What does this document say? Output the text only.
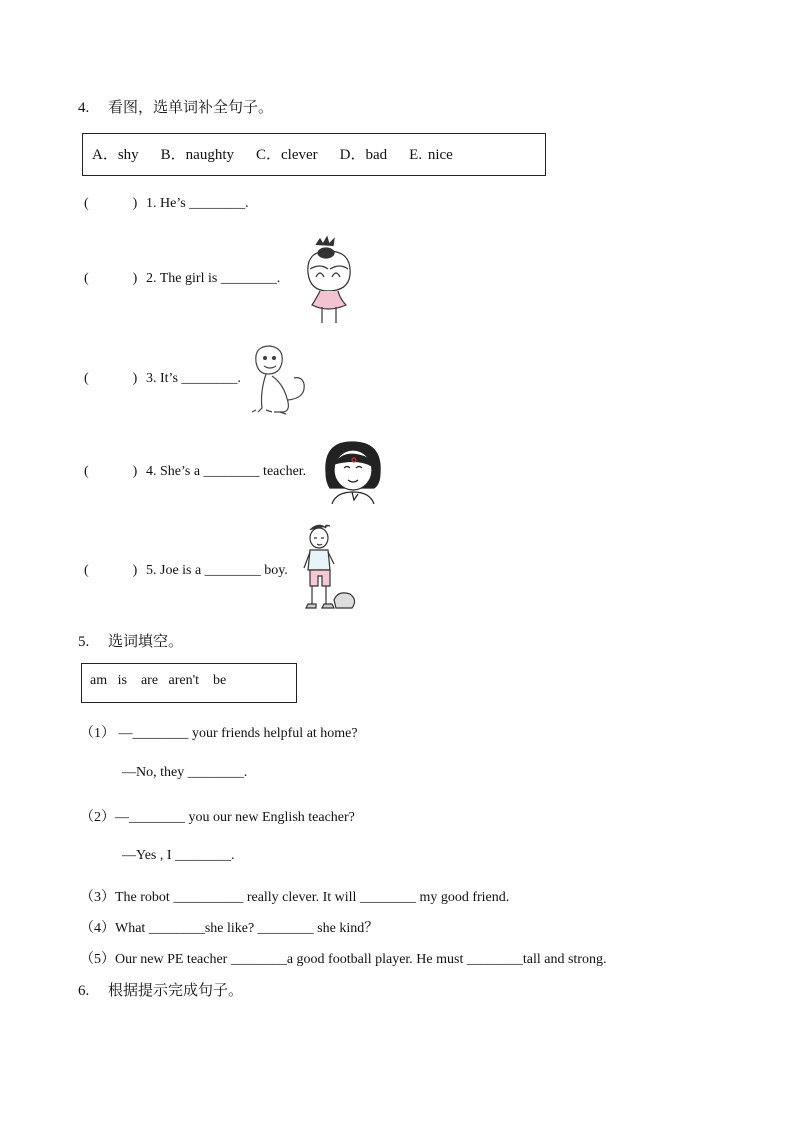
4. 看图，选单词补全句子。
A．shy B．naughty C．clever D．bad E. nice
(	) 1. He’s ________.
(	) 2. The girl is ________.
(	) 3. It’s ________.
(	) 4. She’s a ________ teacher.
(	) 5. Joe is a ________ boy.
5. 选词填空。
am   is    are   aren't    be
（1） —________ your friends helpful at home?
—No, they ________.
（2）—________ you our new English teacher?
—Yes , I ________.
（3）The robot __________ really clever. It will ________ my good friend.
（4）What ________she like? ________ she kind？
（5）Our new PE teacher ________a good football player. He must ________tall and strong.
6. 根据提示完成句子。
